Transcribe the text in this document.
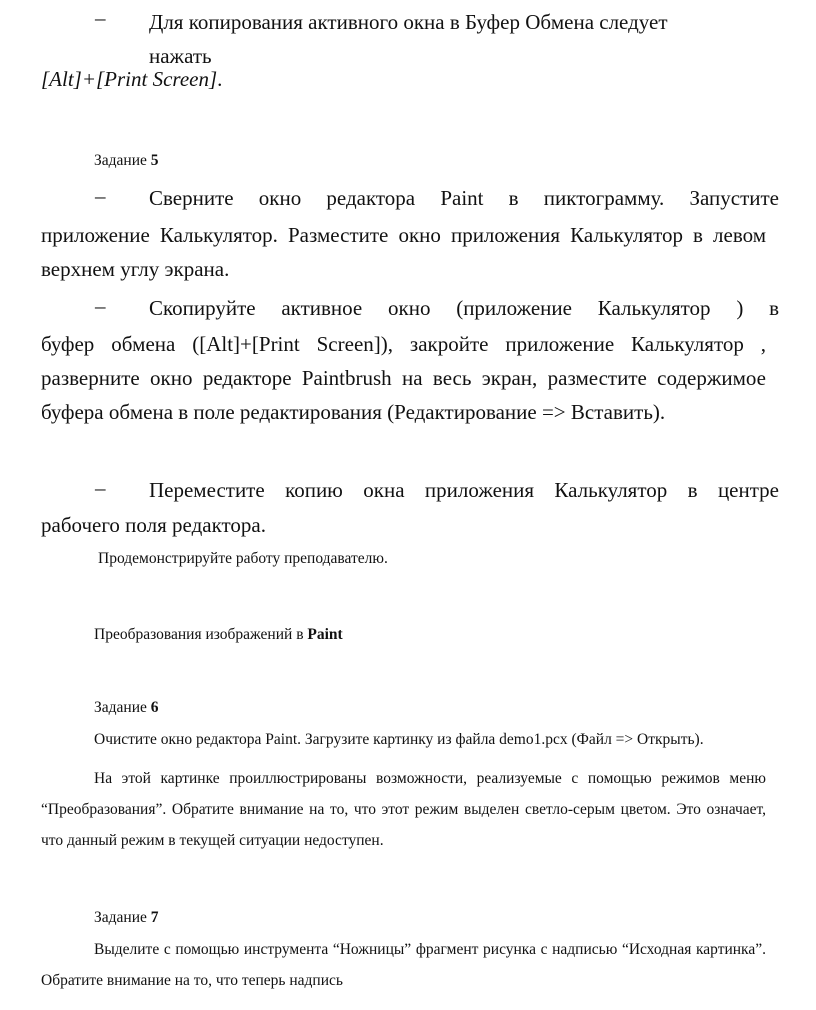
– Для копирования активного окна в Буфер Обмена следует
нажать

[Alt]+[Print Screen].

Задание 5

– Сверните окно редактора Paint в пиктограмму. Запустите

приложение Калькулятор. Разместите окно приложения Калькулятор в левом верхнем углу экрана.

– Скопируйте активное окно (приложение Калькулятор ) в

буфер обмена ([Alt]+[Print Screen]), закройте приложение Калькулятор , разверните окно редакторе Paintbrush на весь экран, разместите содержимое буфера обмена в поле редактирования (Редактирование => Вставить).

– Переместите копию окна приложения Калькулятор в центре

рабочего поля редактора.

Продемонстрируйте работу преподавателю.

Преобразования изображений в Paint

Задание 6

Очистите окно редактора Paint. Загрузите картинку из файла demo1.pcx (Файл => Открыть).

На этой картинке проиллюстрированы возможности, реализуемые с помощью режимов меню “Преобразования”. Обратите внимание на то, что этот режим выделен светло-серым цветом. Это означает, что данный режим в текущей ситуации недоступен.

Задание 7

Выделите с помощью инструмента “Ножницы” фрагмент рисунка с надписью “Исходная картинка”. Обратите внимание на то, что теперь надпись
